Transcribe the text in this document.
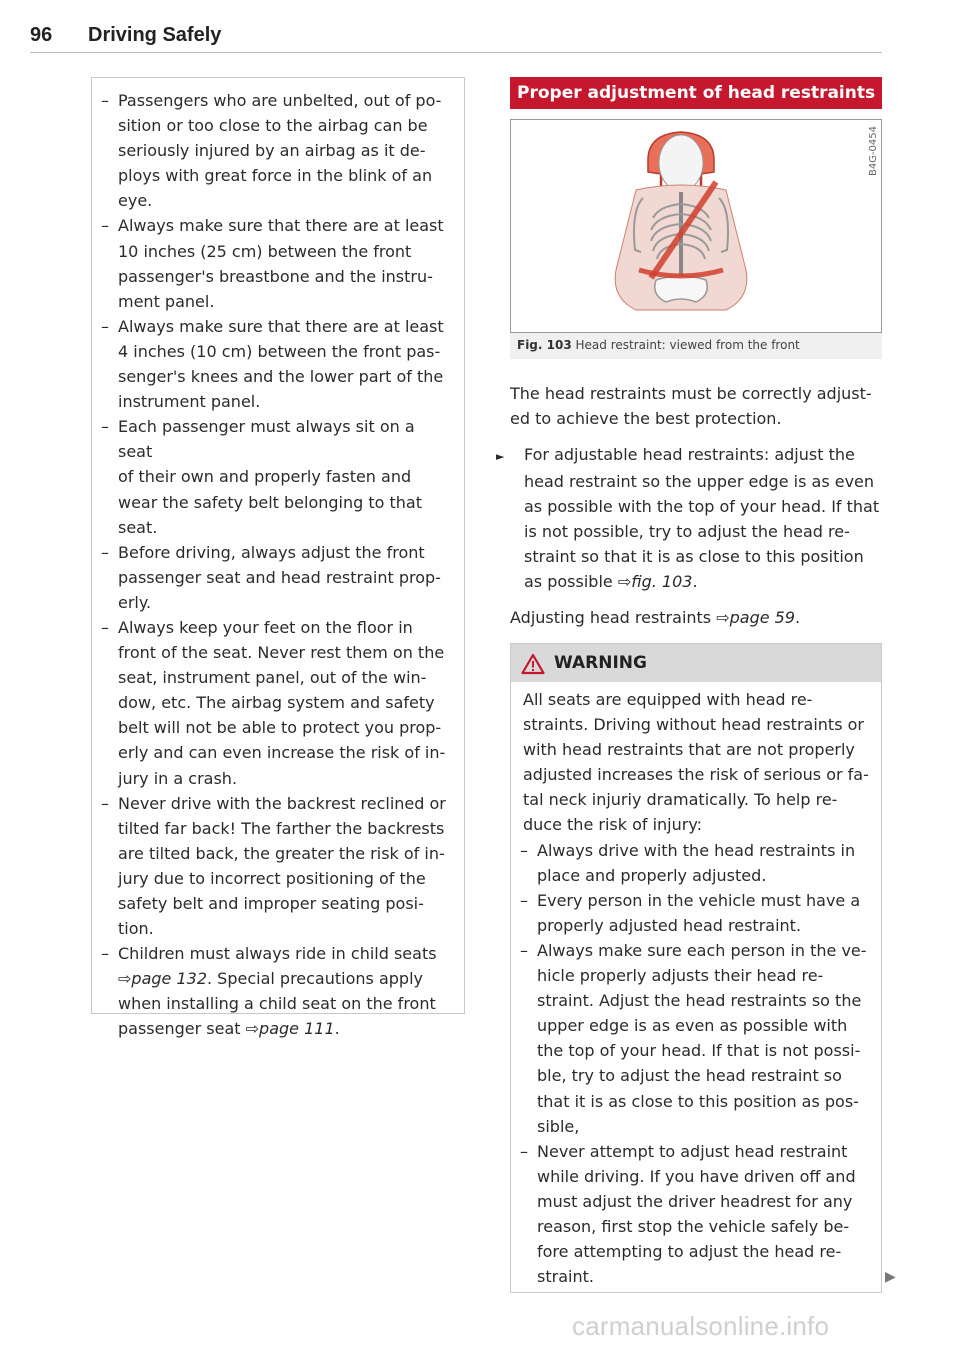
96 Driving Safely
– Passengers who are unbelted, out of po-
sition or too close to the airbag can be
seriously injured by an airbag as it de-
ploys with great force in the blink of an
eye.
– Always make sure that there are at least
10 inches (25 cm) between the front
passenger's breastbone and the instru-
ment panel.
– Always make sure that there are at least
4 inches (10 cm) between the front pas-
senger's knees and the lower part of the
instrument panel.
– Each passenger must always sit on a seat
of their own and properly fasten and
wear the safety belt belonging to that
seat.
– Before driving, always adjust the front
passenger seat and head restraint prop-
erly.
– Always keep your feet on the floor in
front of the seat. Never rest them on the
seat, instrument panel, out of the win-
dow, etc. The airbag system and safety
belt will not be able to protect you prop-
erly and can even increase the risk of in-
jury in a crash.
– Never drive with the backrest reclined or
tilted far back! The farther the backrests
are tilted back, the greater the risk of in-
jury due to incorrect positioning of the
safety belt and improper seating posi-
tion.
– Children must always ride in child seats
⇨page 132. Special precautions apply
when installing a child seat on the front
passenger seat ⇨page 111.
Proper adjustment of head restraints
B4G-0454
Fig. 103 Head restraint: viewed from the front
The head restraints must be correctly adjust-
ed to achieve the best protection.
► For adjustable head restraints: adjust the
head restraint so the upper edge is as even
as possible with the top of your head. If that
is not possible, try to adjust the head re-
straint so that it is as close to this position
as possible ⇨fig. 103.
Adjusting head restraints ⇨page 59.
WARNING
All seats are equipped with head re-
straints. Driving without head restraints or
with head restraints that are not properly
adjusted increases the risk of serious or fa-
tal neck injuriy dramatically. To help re-
duce the risk of injury:
– Always drive with the head restraints in
place and properly adjusted.
– Every person in the vehicle must have a
properly adjusted head restraint.
– Always make sure each person in the ve-
hicle properly adjusts their head re-
straint. Adjust the head restraints so the
upper edge is as even as possible with
the top of your head. If that is not possi-
ble, try to adjust the head restraint so
that it is as close to this position as pos-
sible,
– Never attempt to adjust head restraint
while driving. If you have driven off and
must adjust the driver headrest for any
reason, first stop the vehicle safely be-
fore attempting to adjust the head re-
straint.	▶
carmanualsonline.info
